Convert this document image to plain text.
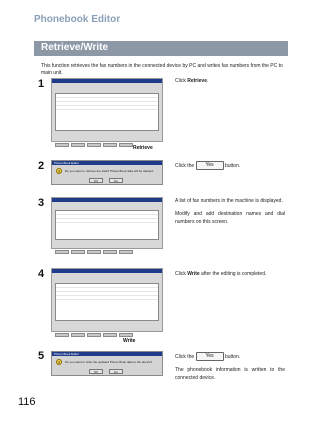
Phonebook Editor
Retrieve/Write
This function retrieves the fax numbers in the connected device by PC and writes fax numbers from the PC to main unit.
1
Retrieve
Click Retrieve.
2	Phone Book Editor
?	Do you want to retrieve the data? Phone Book data will be deleted.
OK	No
Click the Yes button.
3	A list of fax numbers in the machine is displayed.
Modify and add destination names and dial numbers on this screen.
4
Write
Click Write after the editing is completed.
5	Phone Book Editor
?	Do you want to write the updated Phone Book data to the device?
OK	No
Click the Yes button.
The phonebook information is written to the connected device.
116
